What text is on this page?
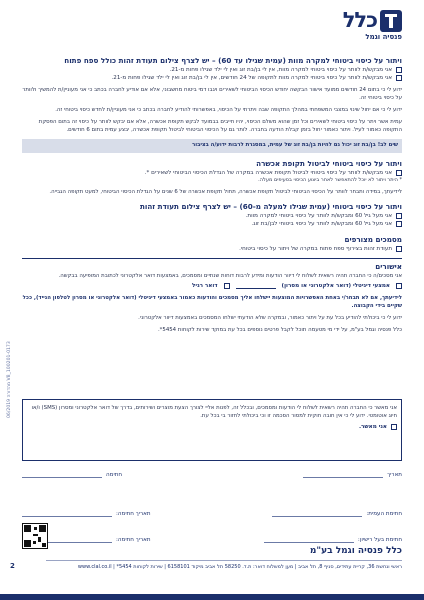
כלל
פנסיה וגמל
ויתור על כיסוי ביטוחי למקרה מוות (עמית שגילו עד 60) – יש לצרף צילום תעודת זהות כולל ספח פתוח
אני מבקש/ת לוותר על כיסוי ביטוחי למקרה מוות, אין לי בן/בת זוג ואין לי ילד שגילו פחות מ-21.
אני מבקש/ת לוותר על כיסוי ביטוחי למקרה מוות לתקופה של 24 חודשים, אין לי בן/בת זוג ואין לי ילד שגילו פחות מ-21.
ידוע לי כי בתום 24 חודשים ממועד אישור הבקשה יחודש הכיסוי הביטוחי לשאירים ויגבו דמי ביטוח מחשבוני, אלא אם אודיע לחברה בכתב כי אני מעוניין/ת להמשיך ולוותר על כיסוי ביטוחי זה.
ידוע לי כי אם יחול שינוי במצבי המשפחתי במהלך התקופה שבה ויתרתי על הכיסוי, באפשרותי להודיע לחברה בכתב כי אני מעוניין/ת לחדש כיסוי ביטוחי זה.
עמית אשר ויתר על כיסוי ביטוחי לשאירים וכל זמן שהוא משלם הכיסוי, יהיו חייבים בבמועד לבקש תקופת אכשרה, אלא אם יבקש לוותר על כיסוי זה בתום הפסקת התקופה כאמור לעיל. ויתור כאמור יחול בזמן קבלת הודעה בחברה. לותר גם על הכיסוי הביטוחי לביטול תקופת אכשרה, יבצע עמית בתום 6 חודשים.
שים לב! בן/בת זוג יכול גם להיות בן/בת זוג של עמית, במסגרת לרבות ידוע/ה בציבור
ויתור על כיסוי ביטוחי לביטול תקופת אכשרה
אני מבקש/ת לוותר על כיסוי ביטוחי לביטול תקופת אכשרה במקרה של הגדלת הכיסוי הביטוחי לשאירים *.
* היתר ויתור לא יוכל להתאפשר לאחר ביצוע הכיסוי בסעיפים מעלה.
לידיעתך, במידה ותבחר לוותר על הכיסוי הביטוחי לביטול תקופת אכשרה, תחול תקופת אכשרה של 6 שנים על הגדלת הכיסוי הביטוחי, למעט תקופה הגבייה.
ויתור על כיסוי ביטוחי (עמית שגילו למעלה מ-60) – יש לצרף צילום תעודת זהות
אני מעל גיל 60 ומבקש/ת לוותר על כיסוי ביטוחי למקרה מוות.
אני מעל גיל 60 ומבקש/ת לוותר על כיסוי ביטוחי לבן/בת זוג.
מסמכים מצורפים
תעודת זהות בצירוף ספח פתוח במקרה של ויתור על כיסוי ביטוחי.
אישורים
אני מסכים/ה כי החברה תהיה רשאית לשלוח לי דיוור הודעות ומידע לרבות דוחות שנתיים ומסמכים, באמצעות דואר אלקטרוני לכתובת המופיעה בבקשה.
אמצעי דיגיטלי (דואר אלקטרוני או מסרון)
דואר רגיל
לידיעתך, אם לא תבחר/י באחת האפשרויות המוצעות יישלחו אליך מסמכים והודעות כאמור באמצעי דיגיטלי (דואר אלקטרוני או מסרון לטלפון הנייד), ככל שקיים בידי הקבוצה.
ידוע לי כי ביכולתי להודיע בכל עת על ויתור כאמור, ובמקרה שלא הודעתי ישלחו המסמכים באמצעות דיוור אלקטרוני.
כלל פנסיה וגמל בע"מ, על ידי מי מטעמה תוכל לקבל פרטים נוספים בכל עת במוקד שירות לקוחות 5454*.
אני מאשר כי החברה תהיה רשאית לשלוח לי הודעות ומסמכים, ובכלל זה, לפנות אליי לצורך הצעת מוצרים ושירותים, בדרך של דואר אלקטרוני ומסרון (SMS) ו/או חיוג אוטומטי. ידוע לי כי אין חובה חוקית למסור הסכמה זו וכי ביכולתי לחזור בי בכל עת.
אני מאשר.
תאריך
חתימה
חתימת העמית:
תאריך חתימה:
חתימת בעל רישיון:
תאריך חתימה:
100201-0173_V8 מהדורה 06/2019
כלל פנסיה וגמל בע"מ
ראשי ונחשת 36, קריית עתידים, סניף 8, תל אביב | מען למשלוח דואר: ת.ד. 58250 תל אביב מיקוד 6158101 | שירות לקוחות 5454* | www.clal.co.il
2
